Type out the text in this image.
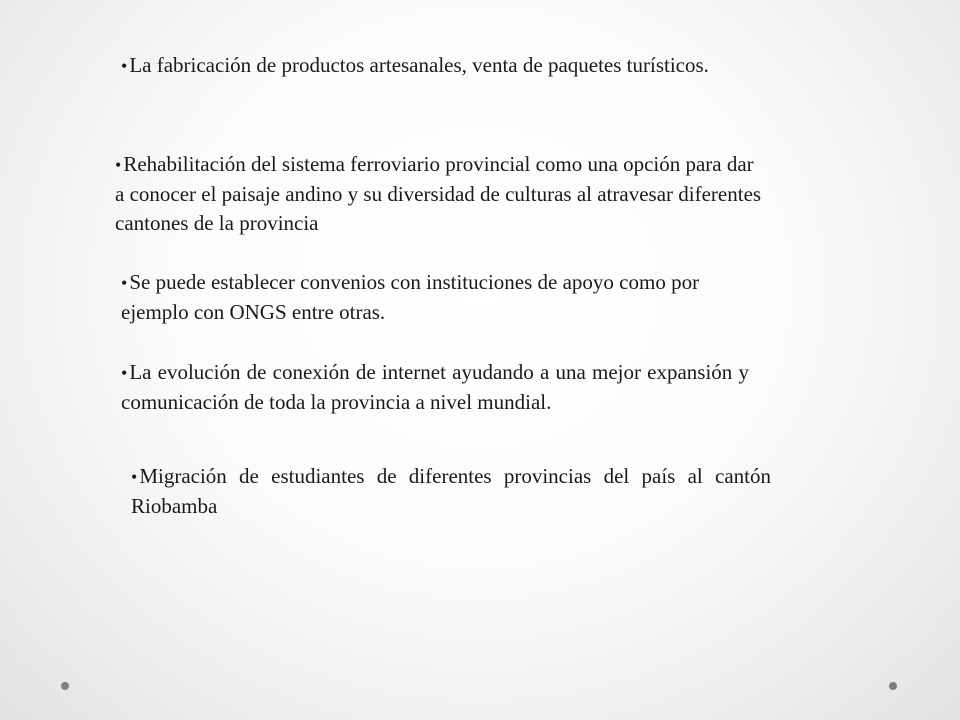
•La fabricación de productos artesanales, venta de paquetes turísticos.

•Rehabilitación del sistema ferroviario provincial como una opción para dar a conocer el paisaje andino y su diversidad de culturas al atravesar diferentes cantones de la provincia

•Se puede establecer convenios con instituciones de apoyo como por ejemplo con ONGS entre otras.

•La evolución de conexión de internet ayudando a una mejor expansión y comunicación de toda la provincia a nivel mundial.

•Migración de estudiantes de diferentes provincias del país al cantón Riobamba
